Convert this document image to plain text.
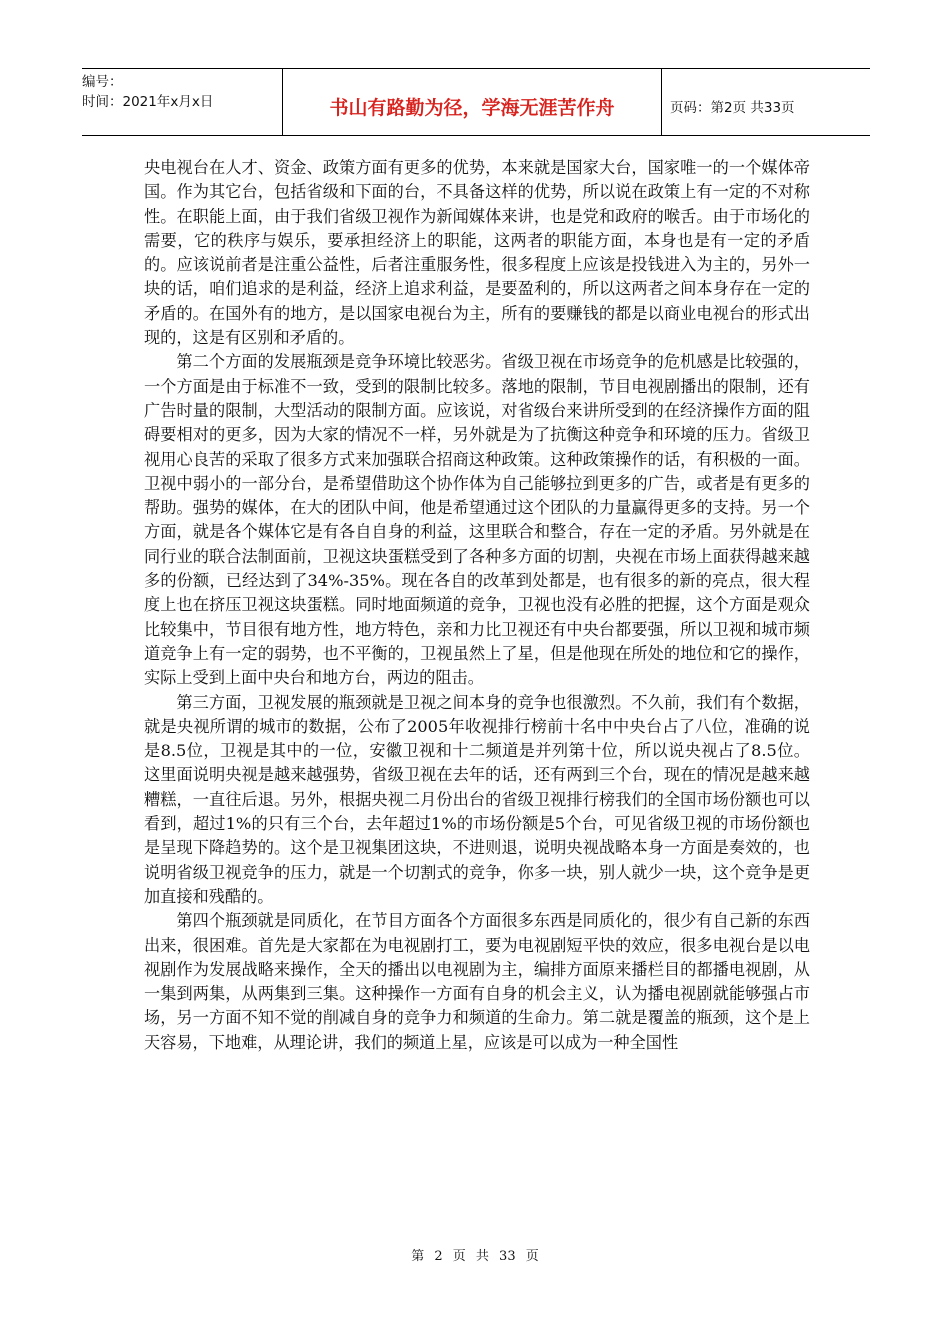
编号：
时间：2021年x月x日	书山有路勤为径，学海无涯苦作舟	页码：第2页 共33页

央电视台在人才、资金、政策方面有更多的优势，本来就是国家大台，国家唯一的一个媒体帝国。作为其它台，包括省级和下面的台，不具备这样的优势，所以说在政策上有一定的不对称性。在职能上面，由于我们省级卫视作为新闻媒体来讲，也是党和政府的喉舌。由于市场化的需要，它的秩序与娱乐，要承担经济上的职能，这两者的职能方面，本身也是有一定的矛盾的。应该说前者是注重公益性，后者注重服务性，很多程度上应该是投钱进入为主的，另外一块的话，咱们追求的是利益，经济上追求利益，是要盈利的，所以这两者之间本身存在一定的矛盾的。在国外有的地方，是以国家电视台为主，所有的要赚钱的都是以商业电视台的形式出现的，这是有区别和矛盾的。

第二个方面的发展瓶颈是竞争环境比较恶劣。省级卫视在市场竞争的危机感是比较强的，一个方面是由于标准不一致，受到的限制比较多。落地的限制，节目电视剧播出的限制，还有广告时量的限制，大型活动的限制方面。应该说，对省级台来讲所受到的在经济操作方面的阻碍要相对的更多，因为大家的情况不一样，另外就是为了抗衡这种竞争和环境的压力。省级卫视用心良苦的采取了很多方式来加强联合招商这种政策。这种政策操作的话，有积极的一面。卫视中弱小的一部分台，是希望借助这个协作体为自己能够拉到更多的广告，或者是有更多的帮助。强势的媒体，在大的团队中间，他是希望通过这个团队的力量赢得更多的支持。另一个方面，就是各个媒体它是有各自自身的利益，这里联合和整合，存在一定的矛盾。另外就是在同行业的联合法制面前，卫视这块蛋糕受到了各种多方面的切割，央视在市场上面获得越来越多的份额，已经达到了34%-35%。现在各自的改革到处都是，也有很多的新的亮点，很大程度上也在挤压卫视这块蛋糕。同时地面频道的竞争，卫视也没有必胜的把握，这个方面是观众比较集中，节目很有地方性，地方特色，亲和力比卫视还有中央台都要强，所以卫视和城市频道竞争上有一定的弱势，也不平衡的，卫视虽然上了星，但是他现在所处的地位和它的操作，实际上受到上面中央台和地方台，两边的阻击。

第三方面，卫视发展的瓶颈就是卫视之间本身的竞争也很激烈。不久前，我们有个数据，就是央视所谓的城市的数据，公布了2005年收视排行榜前十名中中央台占了八位，准确的说是8.5位，卫视是其中的一位，安徽卫视和十二频道是并列第十位，所以说央视占了8.5位。这里面说明央视是越来越强势，省级卫视在去年的话，还有两到三个台，现在的情况是越来越糟糕，一直往后退。另外，根据央视二月份出台的省级卫视排行榜我们的全国市场份额也可以看到，超过1%的只有三个台，去年超过1%的市场份额是5个台，可见省级卫视的市场份额也是呈现下降趋势的。这个是卫视集团这块，不进则退，说明央视战略本身一方面是奏效的，也说明省级卫视竞争的压力，就是一个切割式的竞争，你多一块，别人就少一块，这个竞争是更加直接和残酷的。

第四个瓶颈就是同质化，在节目方面各个方面很多东西是同质化的，很少有自己新的东西出来，很困难。首先是大家都在为电视剧打工，要为电视剧短平快的效应，很多电视台是以电视剧作为发展战略来操作，全天的播出以电视剧为主，编排方面原来播栏目的都播电视剧，从一集到两集，从两集到三集。这种操作一方面有自身的机会主义，认为播电视剧就能够强占市场，另一方面不知不觉的削减自身的竞争力和频道的生命力。第二就是覆盖的瓶颈，这个是上天容易，下地难，从理论讲，我们的频道上星，应该是可以成为一种全国性

第 2 页 共 33 页
